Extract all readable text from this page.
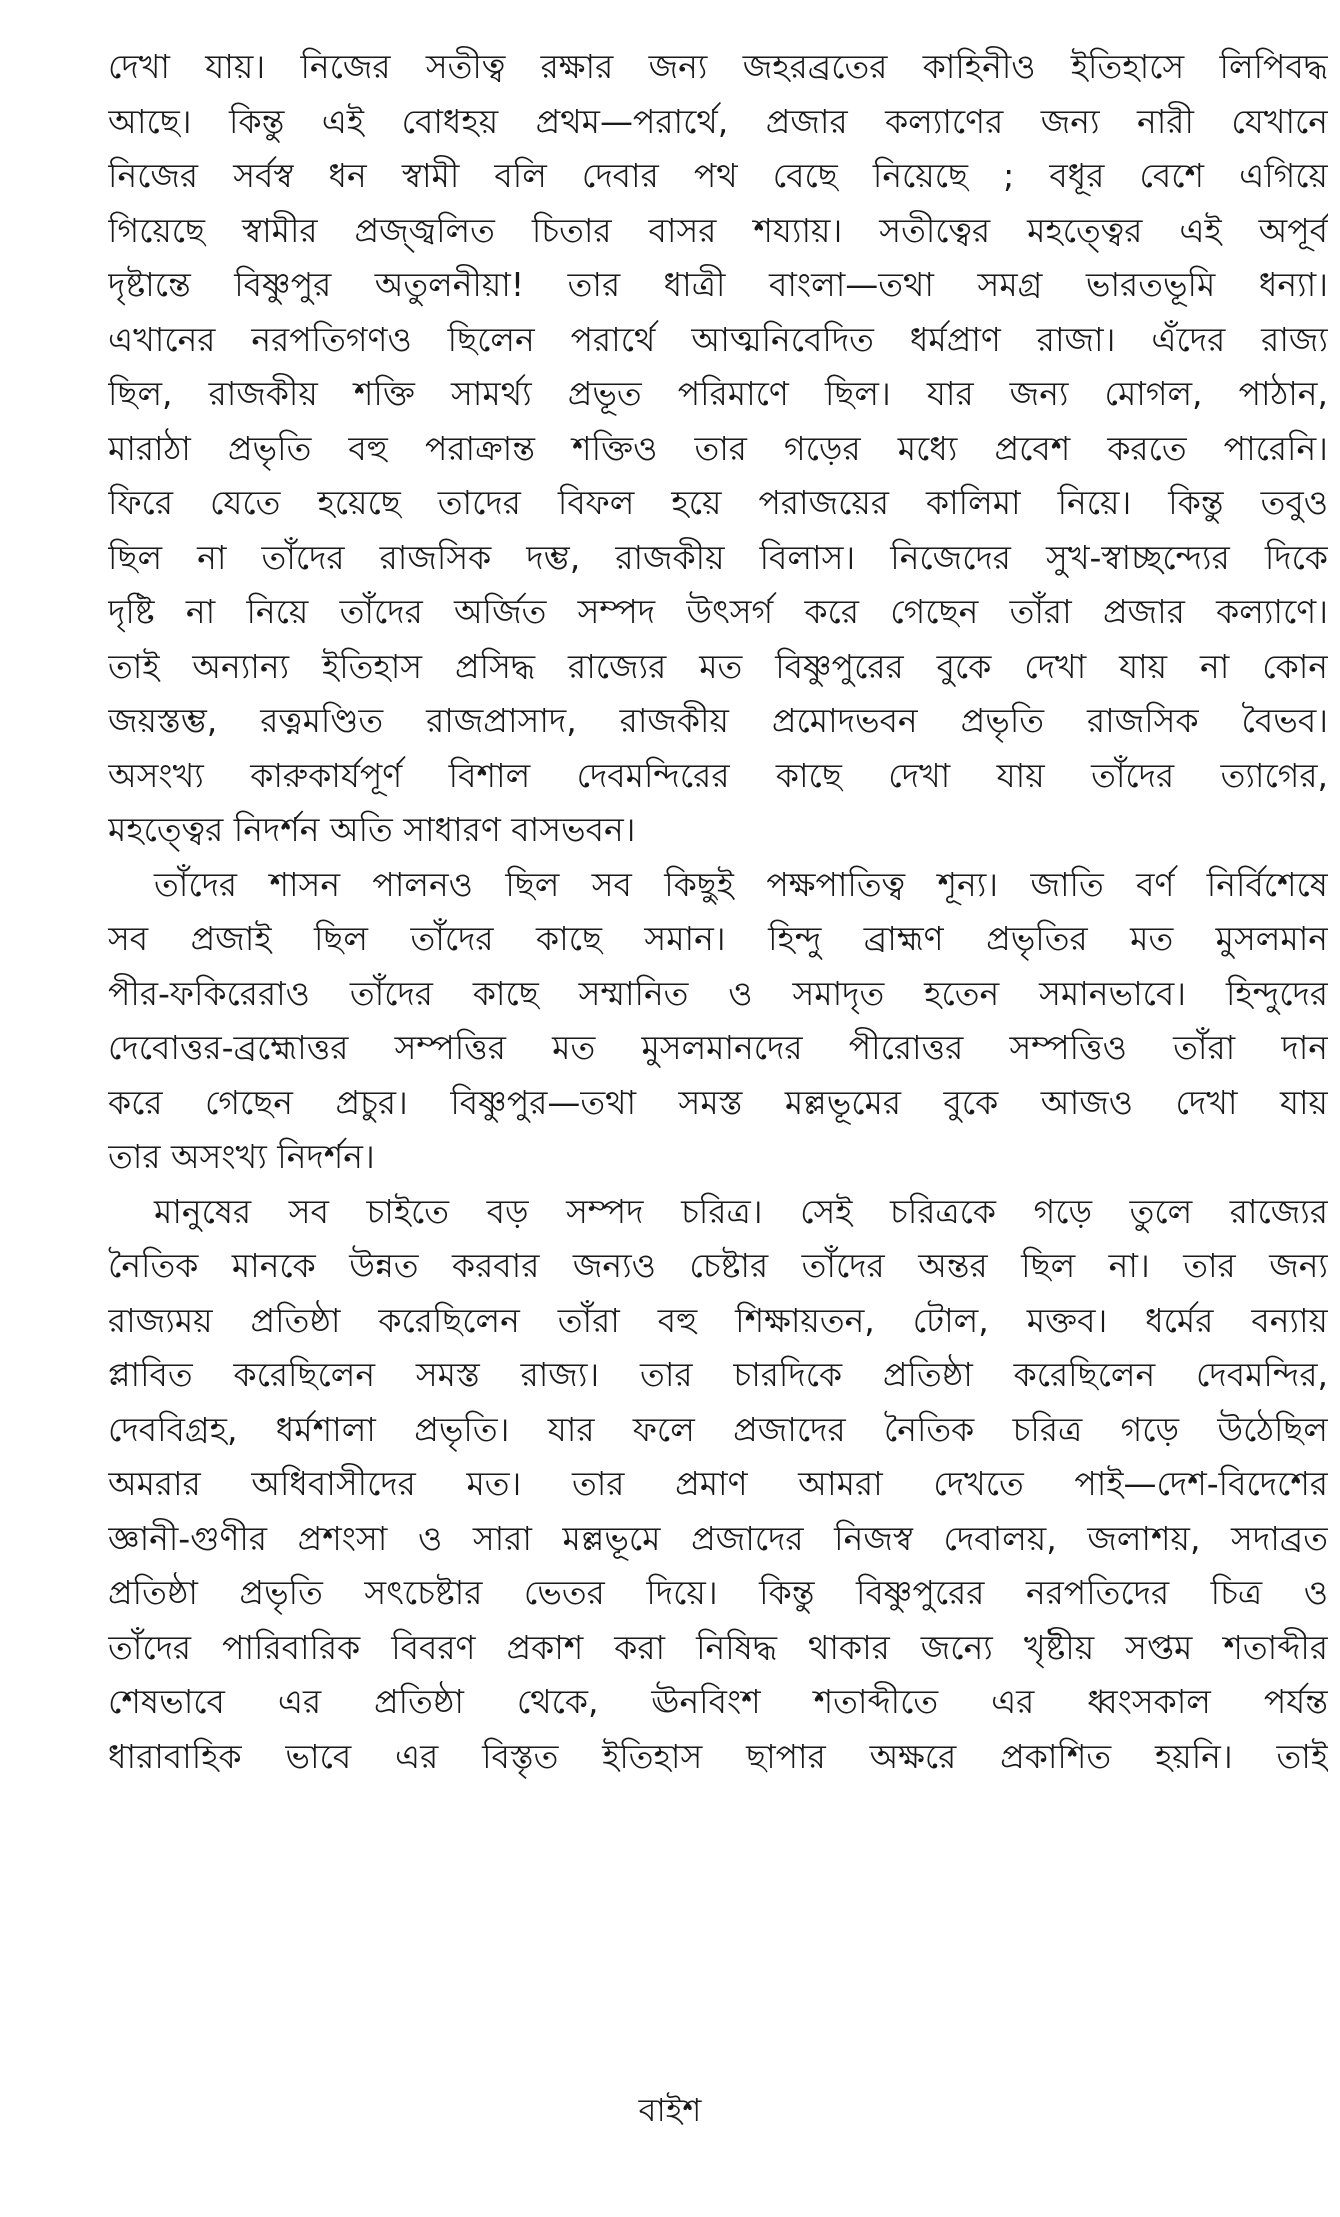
দেখা যায়। নিজের সতীত্ব রক্ষার জন্য জহরব্রতের কাহিনীও ইতিহাসে লিপিবদ্ধ
আছে। কিন্তু এই বোধহয় প্রথম—পরার্থে, প্রজার কল্যাণের জন্য নারী যেখানে
নিজের সর্বস্ব ধন স্বামী বলি দেবার পথ বেছে নিয়েছে ; বধূর বেশে এগিয়ে
গিয়েছে স্বামীর প্রজ্জ্বলিত চিতার বাসর শয্যায়। সতীত্বের মহত্ত্বের এই অপূর্ব
দৃষ্টান্তে বিষ্ণুপুর অতুলনীয়া! তার ধাত্রী বাংলা—তথা সমগ্র ভারতভূমি ধন্যা।
এখানের নরপতিগণও ছিলেন পরার্থে আত্মনিবেদিত ধর্মপ্রাণ রাজা। এঁদের রাজ্য
ছিল, রাজকীয় শক্তি সামর্থ্য প্রভূত পরিমাণে ছিল। যার জন্য মোগল, পাঠান,
মারাঠা প্রভৃতি বহু পরাক্রান্ত শক্তিও তার গড়ের মধ্যে প্রবেশ করতে পারেনি।
ফিরে যেতে হয়েছে তাদের বিফল হয়ে পরাজয়ের কালিমা নিয়ে। কিন্তু তবুও
ছিল না তাঁদের রাজসিক দম্ভ, রাজকীয় বিলাস। নিজেদের সুখ-স্বাচ্ছন্দ্যের দিকে
দৃষ্টি না নিয়ে তাঁদের অর্জিত সম্পদ উৎসর্গ করে গেছেন তাঁরা প্রজার কল্যাণে।
তাই অন্যান্য ইতিহাস প্রসিদ্ধ রাজ্যের মত বিষ্ণুপুরের বুকে দেখা যায় না কোন
জয়স্তম্ভ, রত্নমণ্ডিত রাজপ্রাসাদ, রাজকীয় প্রমোদভবন প্রভৃতি রাজসিক বৈভব।
অসংখ্য কারুকার্যপূর্ণ বিশাল দেবমন্দিরের কাছে দেখা যায় তাঁদের ত্যাগের,
মহত্ত্বের নিদর্শন অতি সাধারণ বাসভবন।
তাঁদের শাসন পালনও ছিল সব কিছুই পক্ষপাতিত্ব শূন্য। জাতি বর্ণ নির্বিশেষে
সব প্রজাই ছিল তাঁদের কাছে সমান। হিন্দু ব্রাহ্মণ প্রভৃতির মত মুসলমান
পীর-ফকিরেরাও তাঁদের কাছে সম্মানিত ও সমাদৃত হতেন সমানভাবে। হিন্দুদের
দেবোত্তর-ব্রহ্মোত্তর সম্পত্তির মত মুসলমানদের পীরোত্তর সম্পত্তিও তাঁরা দান
করে গেছেন প্রচুর। বিষ্ণুপুর—তথা সমস্ত মল্লভূমের বুকে আজও দেখা যায়
তার অসংখ্য নিদর্শন।
মানুষের সব চাইতে বড় সম্পদ চরিত্র। সেই চরিত্রকে গড়ে তুলে রাজ্যের
নৈতিক মানকে উন্নত করবার জন্যও চেষ্টার তাঁদের অন্তর ছিল না। তার জন্য
রাজ্যময় প্রতিষ্ঠা করেছিলেন তাঁরা বহু শিক্ষায়তন, টোল, মক্তব। ধর্মের বন্যায়
প্লাবিত করেছিলেন সমস্ত রাজ্য। তার চারদিকে প্রতিষ্ঠা করেছিলেন দেবমন্দির,
দেববিগ্রহ, ধর্মশালা প্রভৃতি। যার ফলে প্রজাদের নৈতিক চরিত্র গড়ে উঠেছিল
অমরার অধিবাসীদের মত। তার প্রমাণ আমরা দেখতে পাই—দেশ-বিদেশের
জ্ঞানী-গুণীর প্রশংসা ও সারা মল্লভূমে প্রজাদের নিজস্ব দেবালয়, জলাশয়, সদাব্রত
প্রতিষ্ঠা প্রভৃতি সৎচেষ্টার ভেতর দিয়ে। কিন্তু বিষ্ণুপুরের নরপতিদের চিত্র ও
তাঁদের পারিবারিক বিবরণ প্রকাশ করা নিষিদ্ধ থাকার জন্যে খৃষ্টীয় সপ্তম শতাব্দীর
শেষভাবে এর প্রতিষ্ঠা থেকে, ঊনবিংশ শতাব্দীতে এর ধ্বংসকাল পর্যন্ত
ধারাবাহিক ভাবে এর বিস্তৃত ইতিহাস ছাপার অক্ষরে প্রকাশিত হয়নি। তাই
বাইশ
